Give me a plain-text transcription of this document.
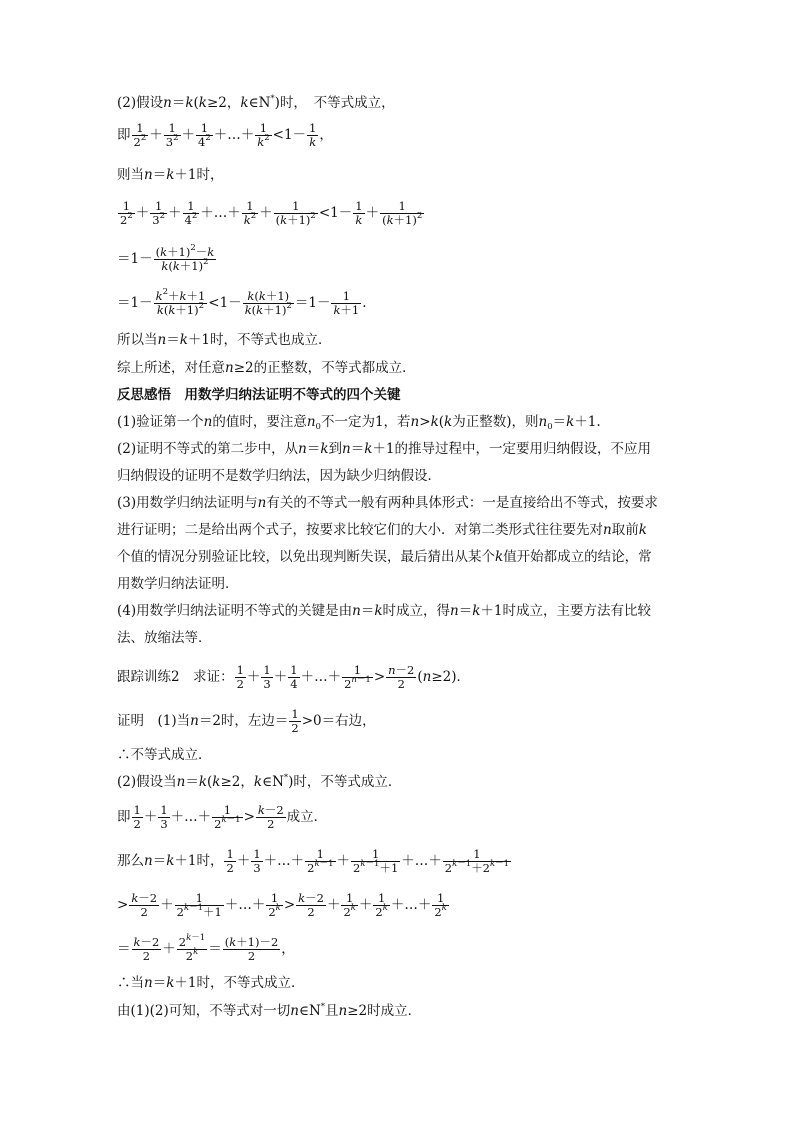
(2)假设n＝k(k≥2，k∈N*)时，　 不等式成立，
即 $\frac{1}{2^2} + \frac{1}{3^2} + \frac{1}{4^2}$ ＋…＋ $\frac{1}{k^2} <1- \frac{1}{k}$ ，
则当n＝k＋1时，
$\frac{1}{2^2} + \frac{1}{3^2} + \frac{1}{4^2}$ ＋…＋ $\frac{1}{k^2} + \frac{1}{(k+1)^2} <1- \frac{1}{k} + \frac{1}{(k+1)^2}$
$=1- \frac{(k+1)^2-k}{k(k+1)^2}$
$=1- \frac{k^2+k+1}{k(k+1)^2} <1- \frac{k(k+1)}{k(k+1)^2} =1- \frac{1}{k+1}$ .
所以当n＝k＋1时，不等式也成立．
综上所述，对任意n≥2的正整数，不等式都成立．
反思感悟　用数学归纳法证明不等式的四个关键
(1)验证第一个n的值时，要注意$n_0$不一定为1，若n>k(k为正整数)，则$n_0=k+1$.
(2)证明不等式的第二步中，从n＝k到n＝k＋1的推导过程中，一定要用归纳假设，不应用
归纳假设的证明不是数学归纳法，因为缺少归纳假设．
(3)用数学归纳法证明与n有关的不等式一般有两种具体形式：一是直接给出不等式，按要求
进行证明；二是给出两个式子，按要求比较它们的大小．对第二类形式往往要先对n取前k
个值的情况分别验证比较，以免出现判断失误，最后猜出从某个k值开始都成立的结论，常
用数学归纳法证明．
(4)用数学归纳法证明不等式的关键是由n＝k时成立，得n＝k＋1时成立，主要方法有比较
法、放缩法等．
跟踪训练2　求证： $\frac{1}{2} + \frac{1}{3} + \frac{1}{4}$ ＋…＋ $\frac{1}{2^{n-1}} > \frac{n-2}{2} (n\ge 2)$．
证明　(1)当n＝2时，左边＝ $\frac{1}{2} >0=$右边，
∴不等式成立．
(2)假设当n＝k(k≥2，k∈N*)时，不等式成立．
即 $\frac{1}{2} + \frac{1}{3}$ ＋…＋ $\frac{1}{2^{k-1}} > \frac{k-2}{2}$ 成立．
那么n＝k＋1时， $\frac{1}{2} + \frac{1}{3}$ ＋…＋ $\frac{1}{2^{k-1}} + \frac{1}{2^{k-1}+1}$ ＋…＋ $\frac{1}{2^{k-1}+2^{k-1}}$
> $\frac{k-2}{2} + \frac{1}{2^{k-1}+1}$ ＋…＋ $\frac{1}{2^k} > \frac{k-2}{2} + \frac{1}{2^k} + \frac{1}{2^k}$ ＋…＋ $\frac{1}{2^k}$
＝ $\frac{k-2}{2} + \frac{2^{k-1}}{2^k} = \frac{(k+1)-2}{2}$ ，
∴当n＝k＋1时，不等式成立．
由(1)(2)可知，不等式对一切n∈N*且n≥2时成立．
